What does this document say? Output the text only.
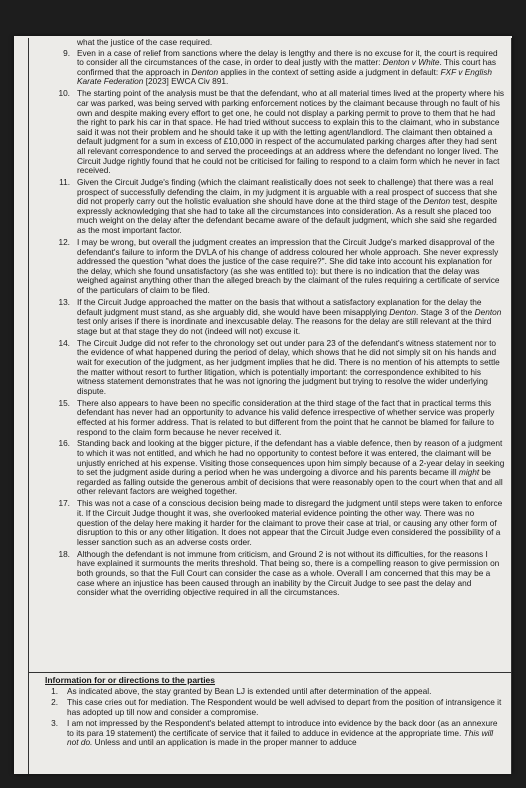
what the justice of the case required.
9. Even in a case of relief from sanctions where the delay is lengthy and there is no excuse for it, the court is required to consider all the circumstances of the case, in order to deal justly with the matter: Denton v White. This court has confirmed that the approach in Denton applies in the context of setting aside a judgment in default: FXF v English Karate Federation [2023] EWCA Civ 891.
10. The starting point of the analysis must be that the defendant, who at all material times lived at the property where his car was parked, was being served with parking enforcement notices by the claimant because through no fault of his own and despite making every effort to get one, he could not display a parking permit to prove to them that he had the right to park his car in that space. He had tried without success to explain this to the claimant, who in substance said it was not their problem and he should take it up with the letting agent/landlord. The claimant then obtained a default judgment for a sum in excess of £10,000 in respect of the accumulated parking charges after they had sent all relevant correspondence to and served the proceedings at an address where the defendant no longer lived. The Circuit Judge rightly found that he could not be criticised for failing to respond to a claim form which he never in fact received.
11. Given the Circuit Judge's finding (which the claimant realistically does not seek to challenge) that there was a real prospect of successfully defending the claim, in my judgment it is arguable with a real prospect of success that she did not properly carry out the holistic evaluation she should have done at the third stage of the Denton test, despite expressly acknowledging that she had to take all the circumstances into consideration. As a result she placed too much weight on the delay after the defendant became aware of the default judgment, which she said she regarded as the most important factor.
12. I may be wrong, but overall the judgment creates an impression that the Circuit Judge's marked disapproval of the defendant's failure to inform the DVLA of his change of address coloured her whole approach. She never expressly addressed the question "what does the justice of the case require?". She did take into account his explanation for the delay, which she found unsatisfactory (as she was entitled to): but there is no indication that the delay was weighed against anything other than the alleged breach by the claimant of the rules requiring a certificate of service of the particulars of claim to be filed.
13. If the Circuit Judge approached the matter on the basis that without a satisfactory explanation for the delay the default judgment must stand, as she arguably did, she would have been misapplying Denton. Stage 3 of the Denton test only arises if there is inordinate and inexcusable delay. The reasons for the delay are still relevant at the third stage but at that stage they do not (indeed will not) excuse it.
14. The Circuit Judge did not refer to the chronology set out under para 23 of the defendant's witness statement nor to the evidence of what happened during the period of delay, which shows that he did not simply sit on his hands and wait for execution of the judgment, as her judgment implies that he did. There is no mention of his attempts to settle the matter without resort to further litigation, which is potentially important: the correspondence exhibited to his witness statement demonstrates that he was not ignoring the judgment but trying to resolve the wider underlying dispute.
15. There also appears to have been no specific consideration at the third stage of the fact that in practical terms this defendant has never had an opportunity to advance his valid defence irrespective of whether service was properly effected at his former address. That is related to but different from the point that he cannot be blamed for failure to respond to the claim form because he never received it.
16. Standing back and looking at the bigger picture, if the defendant has a viable defence, then by reason of a judgment to which it was not entitled, and which he had no opportunity to contest before it was entered, the claimant will be unjustly enriched at his expense. Visiting those consequences upon him simply because of a 2-year delay in seeking to set the judgment aside during a period when he was undergoing a divorce and his parents became ill might be regarded as falling outside the generous ambit of decisions that were reasonably open to the court when that and all other relevant factors are weighed together.
17. This was not a case of a conscious decision being made to disregard the judgment until steps were taken to enforce it. If the Circuit Judge thought it was, she overlooked material evidence pointing the other way. There was no question of the delay here making it harder for the claimant to prove their case at trial, or causing any other form of disruption to this or any other litigation. It does not appear that the Circuit Judge even considered the possibility of a lesser sanction such as an adverse costs order.
18. Although the defendant is not immune from criticism, and Ground 2 is not without its difficulties, for the reasons I have explained it surmounts the merits threshold. That being so, there is a compelling reason to give permission on both grounds, so that the Full Court can consider the case as a whole. Overall I am concerned that this may be a case where an injustice has been caused through an inability by the Circuit Judge to see past the delay and consider what the overriding objective required in all the circumstances.
Information for or directions to the parties
1.	As indicated above, the stay granted by Bean LJ is extended until after determination of the appeal.
2.	This case cries out for mediation. The Respondent would be well advised to depart from the position of intransigence it has adopted up till now and consider a compromise.
3.	I am not impressed by the Respondent's belated attempt to introduce into evidence by the back door (as an annexure to its para 19 statement) the certificate of service that it failed to adduce in evidence at the appropriate time. This will not do. Unless and until an application is made in the proper manner to adduce
